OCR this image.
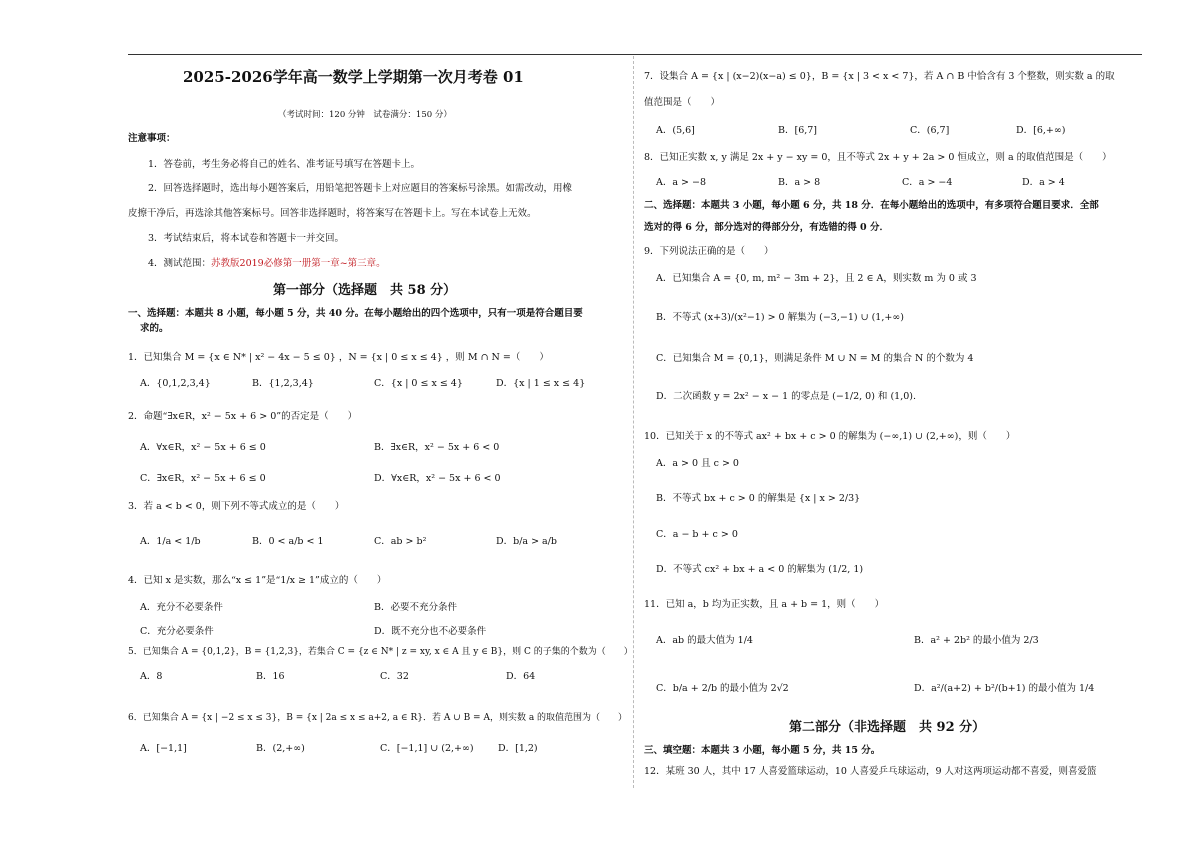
2025-2026学年高一数学上学期第一次月考卷 01
（考试时间：120 分钟　试卷满分：150 分）
注意事项：
1．答卷前，考生务必将自己的姓名、准考证号填写在答题卡上。
2．回答选择题时，选出每小题答案后，用铅笔把答题卡上对应题目的答案标号涂黑。如需改动，用橡
皮擦干净后，再选涂其他答案标号。回答非选择题时，将答案写在答题卡上。写在本试卷上无效。
3．考试结束后，将本试卷和答题卡一并交回。
4．测试范围：苏教版2019必修第一册第一章~第三章。
第一部分（选择题　共 58 分）
一、选择题：本题共 8 小题，每小题 5 分，共 40 分。在每小题给出的四个选项中，只有一项是符合题目要
求的。
1．已知集合 M = {x ∈ N* | x² − 4x − 5 ≤ 0} ，N = {x | 0 ≤ x ≤ 4} ，则 M ∩ N =（　　）
A．{0,1,2,3,4}	B．{1,2,3,4}	C．{x | 0 ≤ x ≤ 4}	D．{x | 1 ≤ x ≤ 4}
2．命题“∃x∈R，x² − 5x + 6 > 0”的否定是（　　）
A．∀x∈R，x² − 5x + 6 ≤ 0	B．∃x∈R，x² − 5x + 6 < 0
C．∃x∈R，x² − 5x + 6 ≤ 0	D．∀x∈R，x² − 5x + 6 < 0
3．若 a < b < 0，则下列不等式成立的是（　　）
A．1/a < 1/b	B．0 < a/b < 1	C．ab > b²	D．b/a > a/b
4．已知 x 是实数，那么“x ≤ 1”是“1/x ≥ 1”成立的（　　）
A．充分不必要条件	B．必要不充分条件
C．充分必要条件	D．既不充分也不必要条件
5．已知集合 A = {0,1,2}，B = {1,2,3}，若集合 C = {z ∈ N* | z = xy, x ∈ A 且 y ∈ B}，则 C 的子集的个数为（　　）
A．8	B．16	C．32	D．64
6．已知集合 A = {x | −2 ≤ x ≤ 3}，B = {x | 2a ≤ x ≤ a+2, a ∈ R}．若 A ∪ B = A，则实数 a 的取值范围为（　　）
A．[−1,1]	B．(2,+∞)	C．[−1,1] ∪ (2,+∞)	D．[1,2)
7．设集合 A = {x | (x−2)(x−a) ≤ 0}，B = {x | 3 < x < 7}，若 A ∩ B 中恰含有 3 个整数，则实数 a 的取
值范围是（　　）
A．(5,6]	B．[6,7]	C．(6,7]	D．[6,+∞)
8．已知正实数 x, y 满足 2x + y − xy = 0，且不等式 2x + y + 2a > 0 恒成立，则 a 的取值范围是（　　）
A．a > −8	B．a > 8	C．a > −4	D．a > 4
二、选择题：本题共 3 小题，每小题 6 分，共 18 分．在每小题给出的选项中，有多项符合题目要求．全部
选对的得 6 分，部分选对的得部分分，有选错的得 0 分．
9．下列说法正确的是（　　）
A．已知集合 A = {0, m, m² − 3m + 2}，且 2 ∈ A，则实数 m 为 0 或 3
B．不等式 (x+3)/(x²−1) > 0 解集为 (−3,−1) ∪ (1,+∞)
C．已知集合 M = {0,1}，则满足条件 M ∪ N = M 的集合 N 的个数为 4
D．二次函数 y = 2x² − x − 1 的零点是 (−1/2, 0) 和 (1,0).
10．已知关于 x 的不等式 ax² + bx + c > 0 的解集为 (−∞,1) ∪ (2,+∞)，则（　　）
A．a > 0 且 c > 0
B．不等式 bx + c > 0 的解集是 {x | x > 2/3}
C．a − b + c > 0
D．不等式 cx² + bx + a < 0 的解集为 (1/2, 1)
11．已知 a，b 均为正实数，且 a + b = 1，则（　　）
A．ab 的最大值为 1/4	B．a² + 2b² 的最小值为 2/3
C．b/a + 2/b 的最小值为 2√2	D．a²/(a+2) + b²/(b+1) 的最小值为 1/4
第二部分（非选择题　共 92 分）
三、填空题：本题共 3 小题，每小题 5 分，共 15 分。
12．某班 30 人，其中 17 人喜爱篮球运动，10 人喜爱乒乓球运动，9 人对这两项运动都不喜爱，则喜爱篮
